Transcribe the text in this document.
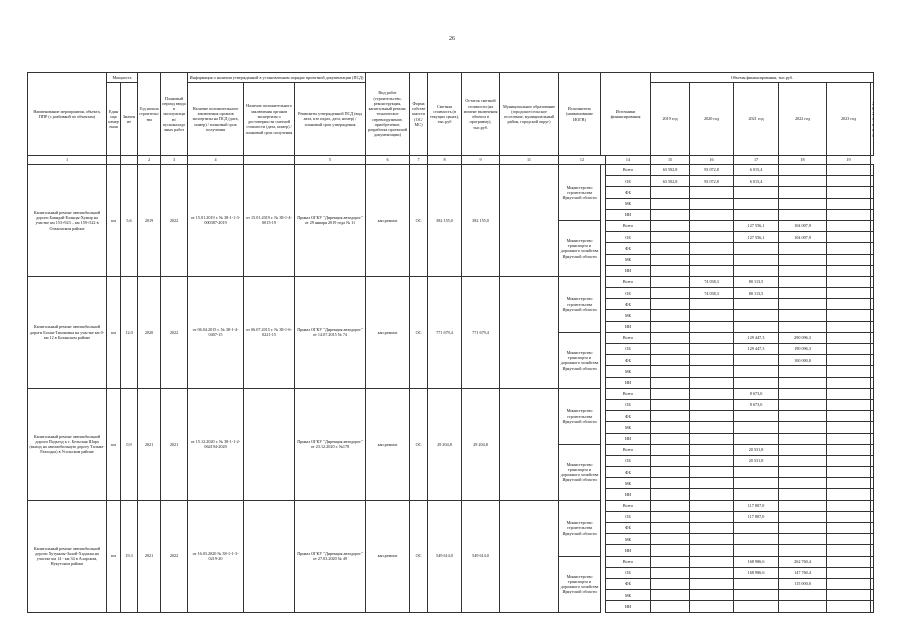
26
Наименование мероприятия, объекта, ППР (с разбивкой по объектам)	Мощность		Год начала строительства	Плановый период ввода в эксплуатацию/ пусконаладочных работ	Информация о наличии утвержденной в установленном порядке проектной документации (ПСД)			Вид работ (строительство, реконструкция, капитальный ремонт, техническое перевооружение, приобретение, разработка проектной документации)	Форма собственности (ОС/МС)	Сметная стоимость (в текущих ценах), тыс.руб	Остаток сметной стоимости (на момент включения объекта в программу), тыс.руб.	Муниципальное образование (городское/сельское поселение, муниципальный район, городской округ)	Исполнитель (наименование ИОГВ)	Источники финансирования		Объемы финансирования, тыс.руб.					
	Единица измерения	Значение			Наличие положительного заключения органов экспертизы на ПСД (дата, номер) / плановый срок получения	Наличие положительного заключения органов экспертизы о достоверности сметной стоимости (дата, номер) / плановый срок получения	Реквизиты утвержденной ПСД (вид акта, кто издал, дата, номер) / плановый срок утверждения									2019 год	2020 год	2021 год	2022 год	2023 год	2024 год

1			2	3	4		5	6	7	8	9	11	12		14	15	16	17	18	19	
Капитальный ремонт автомобильной дороги Баяндай-Еланцы-Хужир на участке км 153+923 – км 159+522 в Ольхонском районе	км	5,6	2019	2022	от 15.01.2019 г. № 38-1-1-3-000387-2019	от 15.01.2019 г. № 38-1-4-0015-19	Приказ ОГКУ "Дирекция автодорог" от 29 января 2019 года № 11	кап.ремонт	ОС	382 155,0	382 155,0		Министерство строительства Иркутской области		Всего	63 502,8	93 072,8	6 015,4			
															ОБ	63 502,8	93 072,8	6 015,4			
															ФБ						
															МБ						
															ИИ						
													Министерство транспорта и дорожного хозяйства Иркутской области		Всего			127 556,1	104 007,9		
															ОБ			127 556,1	104 007,9		
															ФБ						
															МБ						
															ИИ						
Капитальный ремонт автомобильной дороги Бохан-Тихоновка на участке км 0-км 12 в Боханском районе	км	12,0	2020	2022	от 06.04.2015 г. № 38-1-4-0407-15	от 06.07.2015 г. № 38-1-6-0221-15	Приказ ОГКУ "Дирекция автодорог" от 14.07.2015 № 74	кап.ремонт	ОС	771 679,4	771 679,4		Министерство строительства Иркутской области		Всего		74 038,3	80 113,5			
															ОБ		74 038,3	80 113,5			
															ФБ						
															МБ						
															ИИ						
													Министерство транспорта и дорожного хозяйства Иркутской области		Всего			129 447,3	290 096,3		
															ОБ			129 447,3	190 096,3		
															ФБ				100 000,0		
															МБ						
															ИИ						
Капитальный ремонт автомобильной дороги Подъезд к с. Бельская Шара (выход на автомобильную дорогу Тальма-Разлодка) в Усольском районе	км	0,9	2021	2021	от 15.12.2020 г. № 38-1-1-2-064194-2020		Приказ ОГКУ "Дирекция автодорог" от 23.12.2020 г. №178	кап.ремонт	ОС	29 204,8	29 204,8		Министерство строительства Иркутской области		Всего			8 673,0			
															ОБ			8 673,0			
															ФБ						
															МБ						
															ИИ						
													Министерство транспорта и дорожного хозяйства Иркутской области		Всего			20 531,8			
															ОБ			20 531,8			
															ФБ						
															МБ						
															ИИ						
Капитальный ремонт автомобильной дороги Хутуншы-Залой-Хадахан на участке км 14 - км 34 в Аларском, Нукутском районе	км	19,3	2021	2022	от 16.03.2020 № 38-1-1-3-0219-20		Приказ ОГКУ "Дирекция автодорог" от 27.03.2020 № 49	кап.ремонт	ОС	549 614,0	549 614,0		Министерство строительства Иркутской области		Всего			117 807,0			
															ОБ			117 807,0			
															ФБ						
															МБ						
															ИИ						
													Министерство транспорта и дорожного хозяйства Иркутской области		Всего			168 986,6	262 760,4		
															ОБ			168 986,6	147 760,4		
															ФБ				115 000,0		
															МБ						
															ИИ						
